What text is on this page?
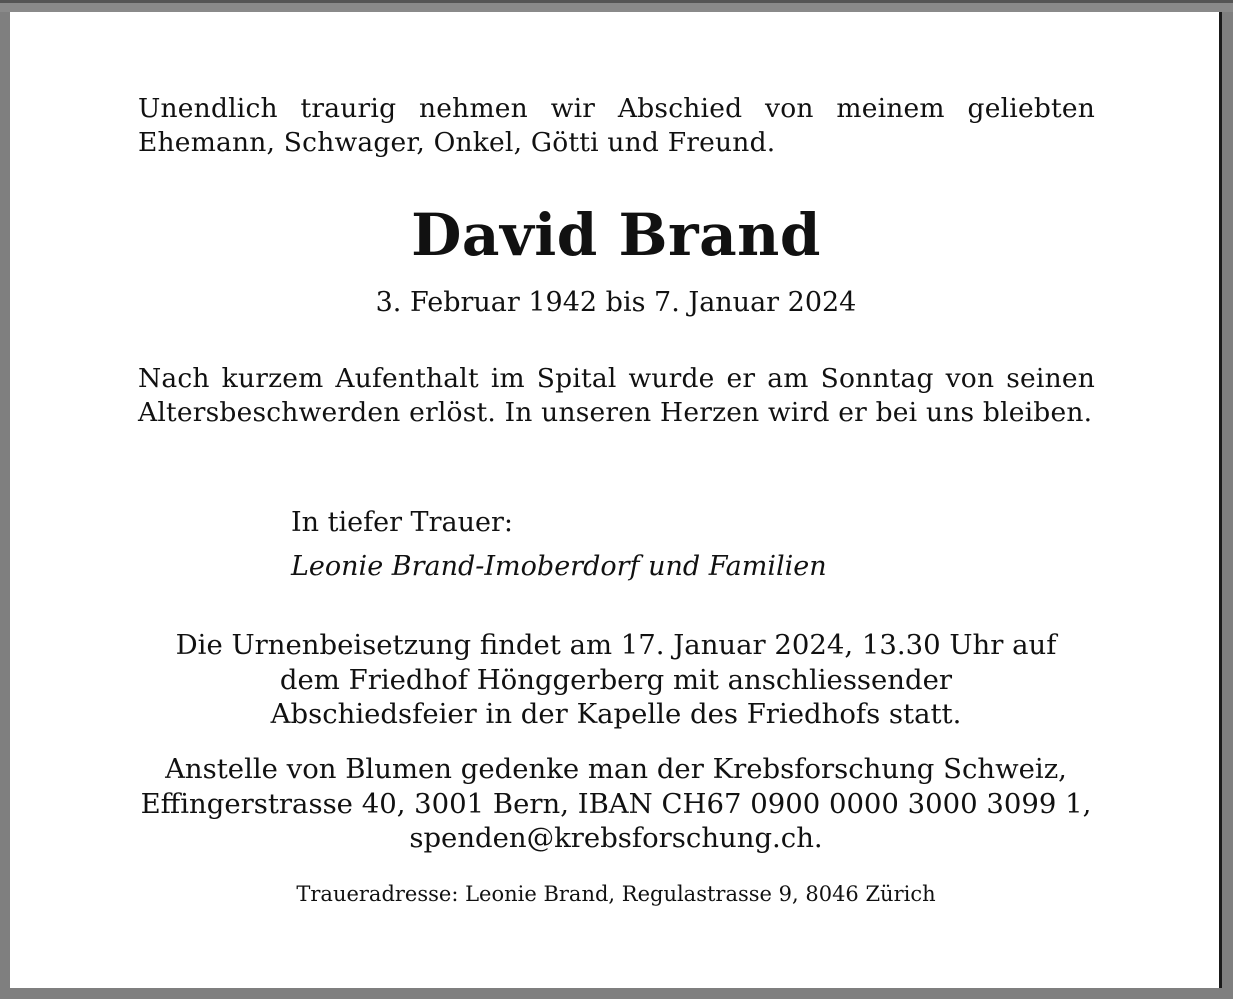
Unendlich traurig nehmen wir Abschied von meinem geliebten Ehemann, Schwager, Onkel, Götti und Freund.

David Brand

3. Februar 1942 bis 7. Januar 2024

Nach kurzem Aufenthalt im Spital wurde er am Sonntag von seinen Altersbeschwerden erlöst. In unseren Herzen wird er bei uns bleiben.

In tiefer Trauer:

Leonie Brand-Imoberdorf und Familien

Die Urnenbeisetzung findet am 17. Januar 2024, 13.30 Uhr auf
dem Friedhof Hönggerberg mit anschliessender
Abschiedsfeier in der Kapelle des Friedhofs statt.
Anstelle von Blumen gedenke man der Krebsforschung Schweiz,
Effingerstrasse 40, 3001 Bern, IBAN CH67 0900 0000 3000 3099 1,
spenden@krebsforschung.ch.

Traueradresse: Leonie Brand, Regulastrasse 9, 8046 Zürich
